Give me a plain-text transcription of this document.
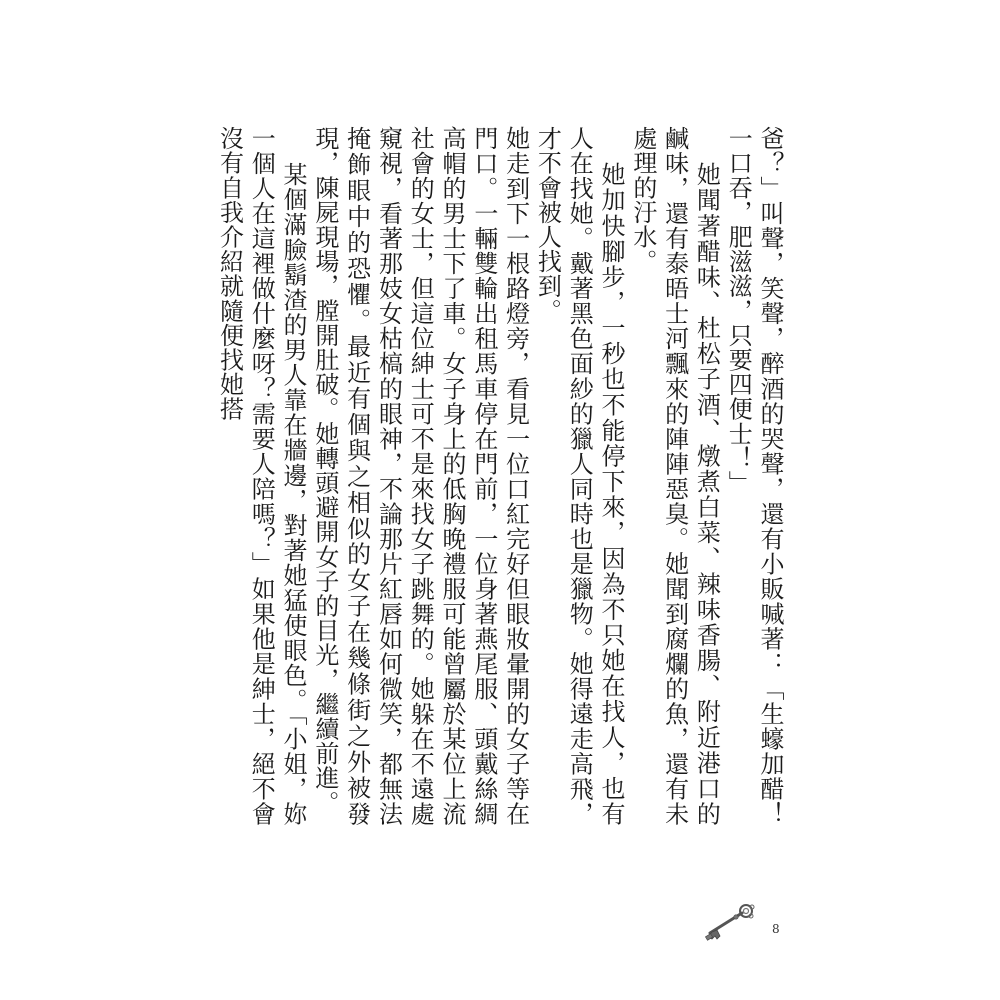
爸？」叫聲，笑聲，醉酒的哭聲，還有小販喊著：「生蠔加醋！一口吞，肥滋滋，只要四便士！」

她聞著醋味、杜松子酒、燉煮白菜、辣味香腸、附近港口的鹹味，還有泰晤士河飄來的陣陣惡臭。她聞到腐爛的魚，還有未處理的汙水。

她加快腳步，一秒也不能停下來，因為不只她在找人，也有人在找她。戴著黑色面紗的獵人同時也是獵物。她得遠走高飛，才不會被人找到。

她走到下一根路燈旁，看見一位口紅完好但眼妝暈開的女子等在門口。一輛雙輪出租馬車停在門前，一位身著燕尾服、頭戴絲綢高帽的男士下了車。女子身上的低胸晚禮服可能曾屬於某位上流社會的女士，但這位紳士可不是來找女子跳舞的。她躲在不遠處窺視，看著那妓女枯槁的眼神，不論那片紅唇如何微笑，都無法掩飾眼中的恐懼。最近有個與之相似的女子在幾條街之外被發現，陳屍現場，膛開肚破。她轉頭避開女子的目光，繼續前進。

某個滿臉鬍渣的男人靠在牆邊，對著她猛使眼色。「小姐，妳一個人在這裡做什麼呀？需要人陪嗎？」如果他是紳士，絕不會沒有自我介紹就隨便找她搭

8
